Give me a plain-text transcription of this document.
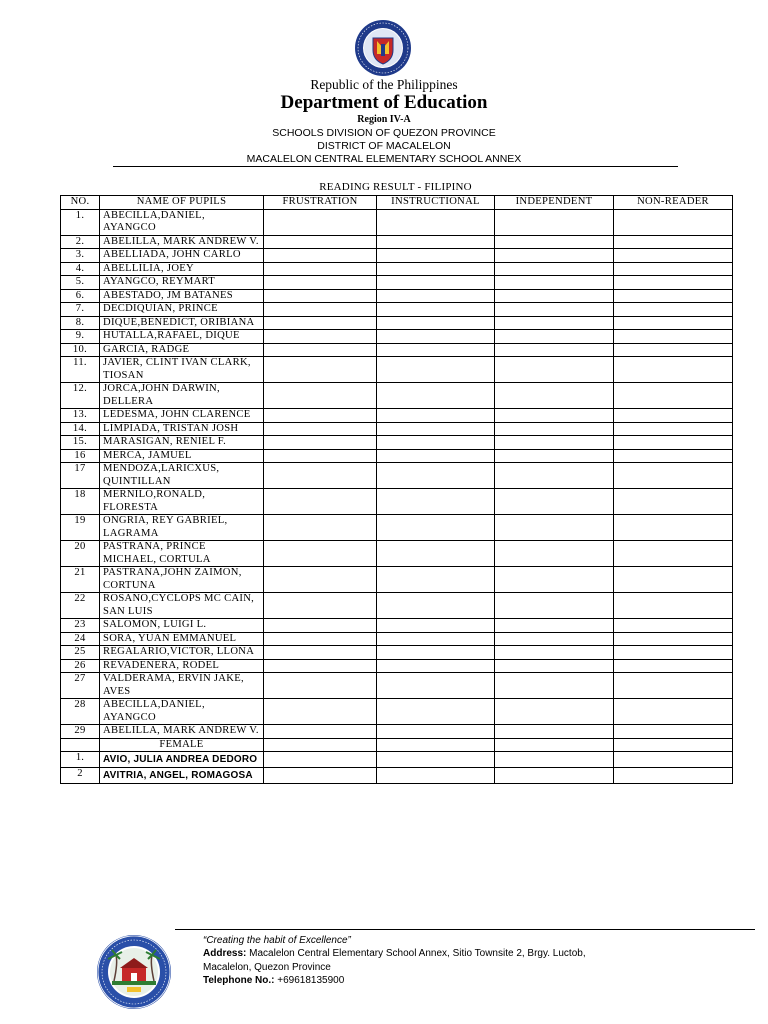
Republic of the Philippines
Department of Education
Region IV-A
SCHOOLS DIVISION OF QUEZON PROVINCE
DISTRICT OF MACALELON
MACALELON CENTRAL ELEMENTARY SCHOOL ANNEX
READING RESULT - FILIPINO
NO.	NAME OF PUPILS	FRUSTRATION	INSTRUCTIONAL	INDEPENDENT	NON-READER
1.	ABECILLA,DANIEL, AYANGCO				
2.	ABELILLA, MARK ANDREW V.				
3.	ABELLIADA, JOHN CARLO				
4.	ABELLILIA, JOEY				
5.	AYANGCO, REYMART				
6.	ABESTADO, JM BATANES				
7.	DECDIQUIAN, PRINCE				
8.	DIQUE,BENEDICT, ORIBIANA				
9.	HUTALLA,RAFAEL, DIQUE				
10.	GARCIA, RADGE				
11.	JAVIER, CLINT IVAN CLARK, TIOSAN				
12.	JORCA,JOHN DARWIN, DELLERA				
13.	LEDESMA, JOHN CLARENCE				
14.	LIMPIADA, TRISTAN JOSH				
15.	MARASIGAN, RENIEL F.				
16	MERCA, JAMUEL				
17	MENDOZA,LARICXUS, QUINTILLAN				
18	MERNILO,RONALD, FLORESTA				
19	ONGRIA, REY GABRIEL, LAGRAMA				
20	PASTRANA, PRINCE MICHAEL, CORTULA				
21	PASTRANA,JOHN ZAIMON, CORTUNA				
22	ROSANO,CYCLOPS MC CAIN, SAN LUIS				
23	SALOMON, LUIGI L.				
24	SORA, YUAN EMMANUEL				
25	REGALARIO,VICTOR, LLONA				
26	REVADENERA, RODEL				
27	VALDERAMA, ERVIN JAKE, AVES				
28	ABECILLA,DANIEL, AYANGCO				
29	ABELILLA, MARK ANDREW V.				
	FEMALE				
1.	AVIO, JULIA ANDREA DEDORO				
2	AVITRIA, ANGEL, ROMAGOSA				
“Creating the habit of Excellence”
Address: Macalelon Central Elementary School Annex, Sitio Townsite 2, Brgy. Luctob,
Macalelon, Quezon Province
Telephone No.: +69618135900
